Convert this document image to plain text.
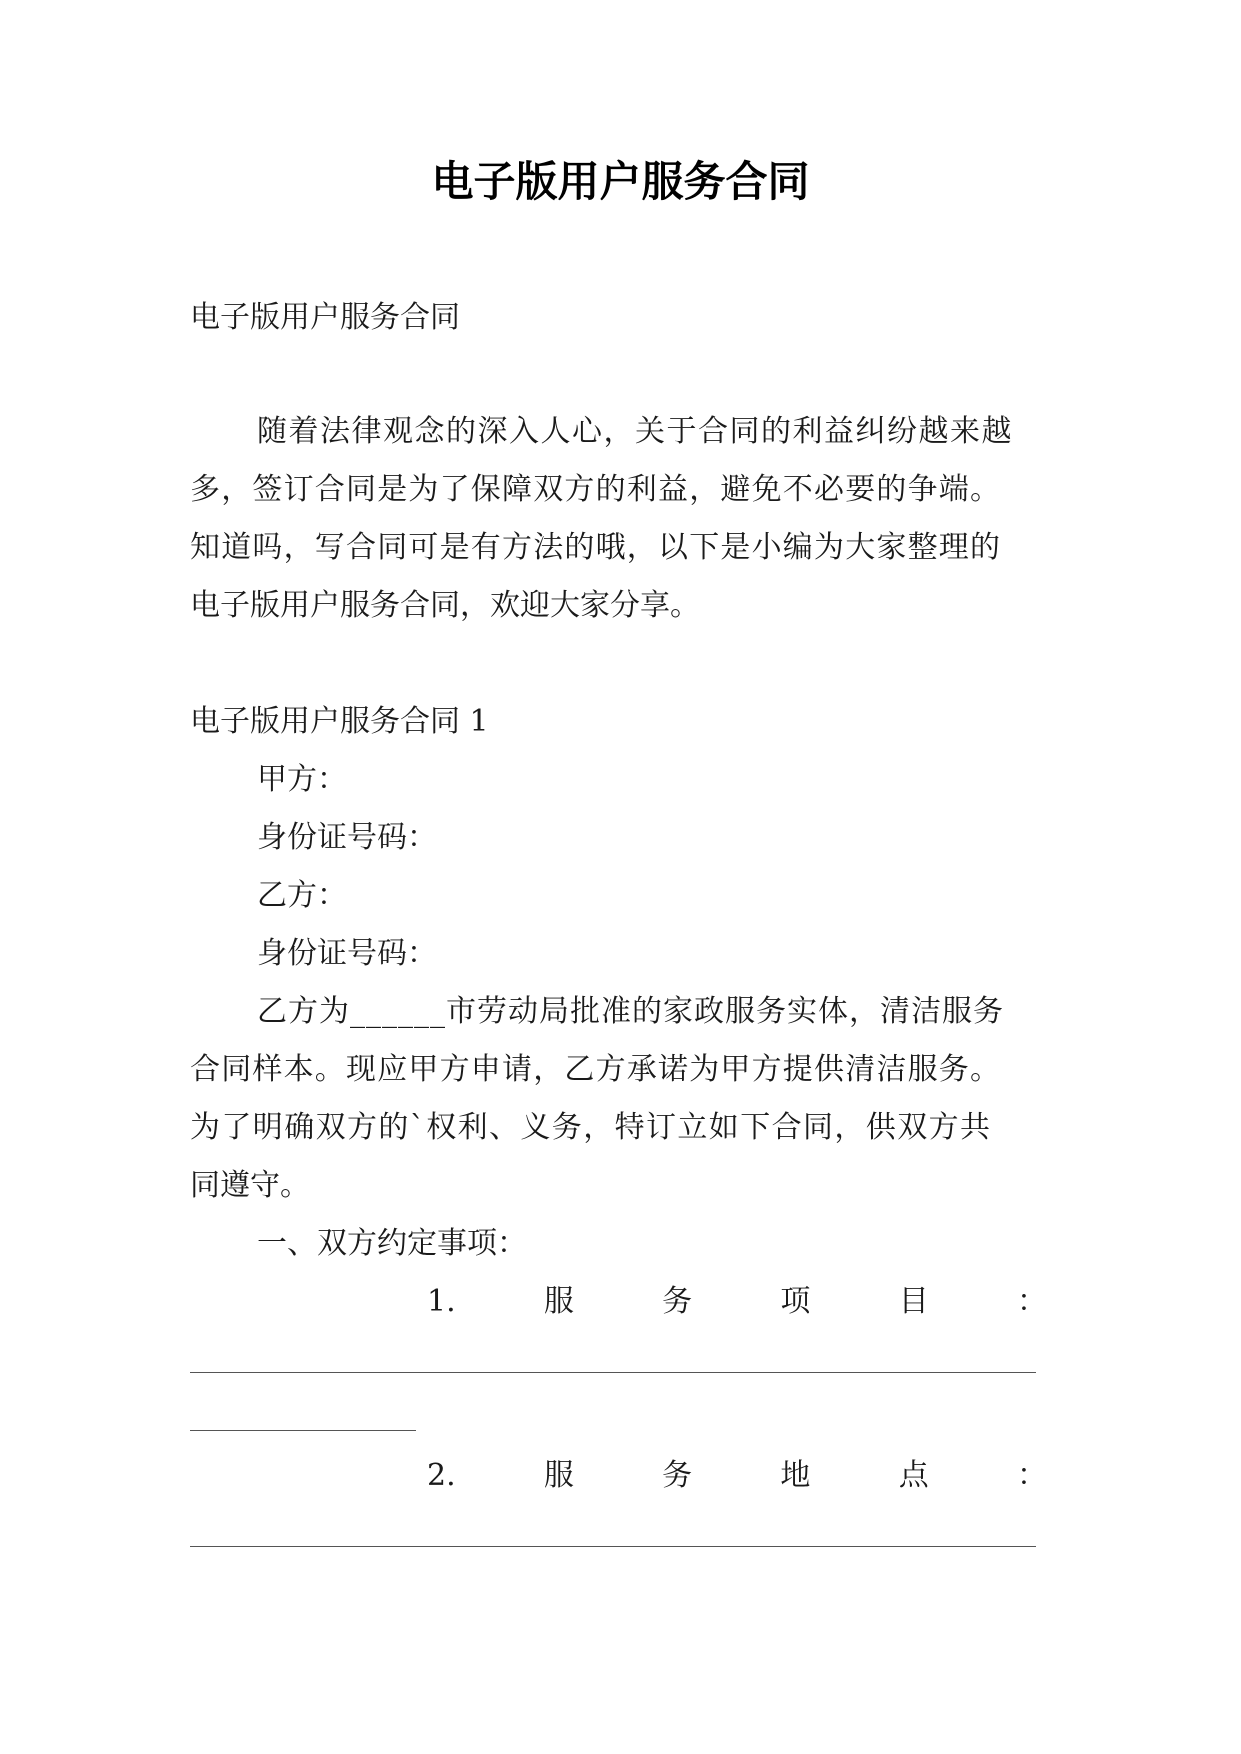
电子版用户服务合同
电子版用户服务合同
随着法律观念的深入人心，关于合同的利益纠纷越来越
多，签订合同是为了保障双方的利益，避免不必要的争端。
知道吗，写合同可是有方法的哦，以下是小编为大家整理的
电子版用户服务合同，欢迎大家分享。
电子版用户服务合同 1
甲方：
身份证号码：
乙方：
身份证号码：
乙方为______市劳动局批准的家政服务实体，清洁服务
合同样本。现应甲方申请，乙方承诺为甲方提供清洁服务。
为了明确双方的`权利、义务，特订立如下合同，供双方共
同遵守。
一、双方约定事项：
1.	服	务	项	目	：
2.	服	务	地	点	：
